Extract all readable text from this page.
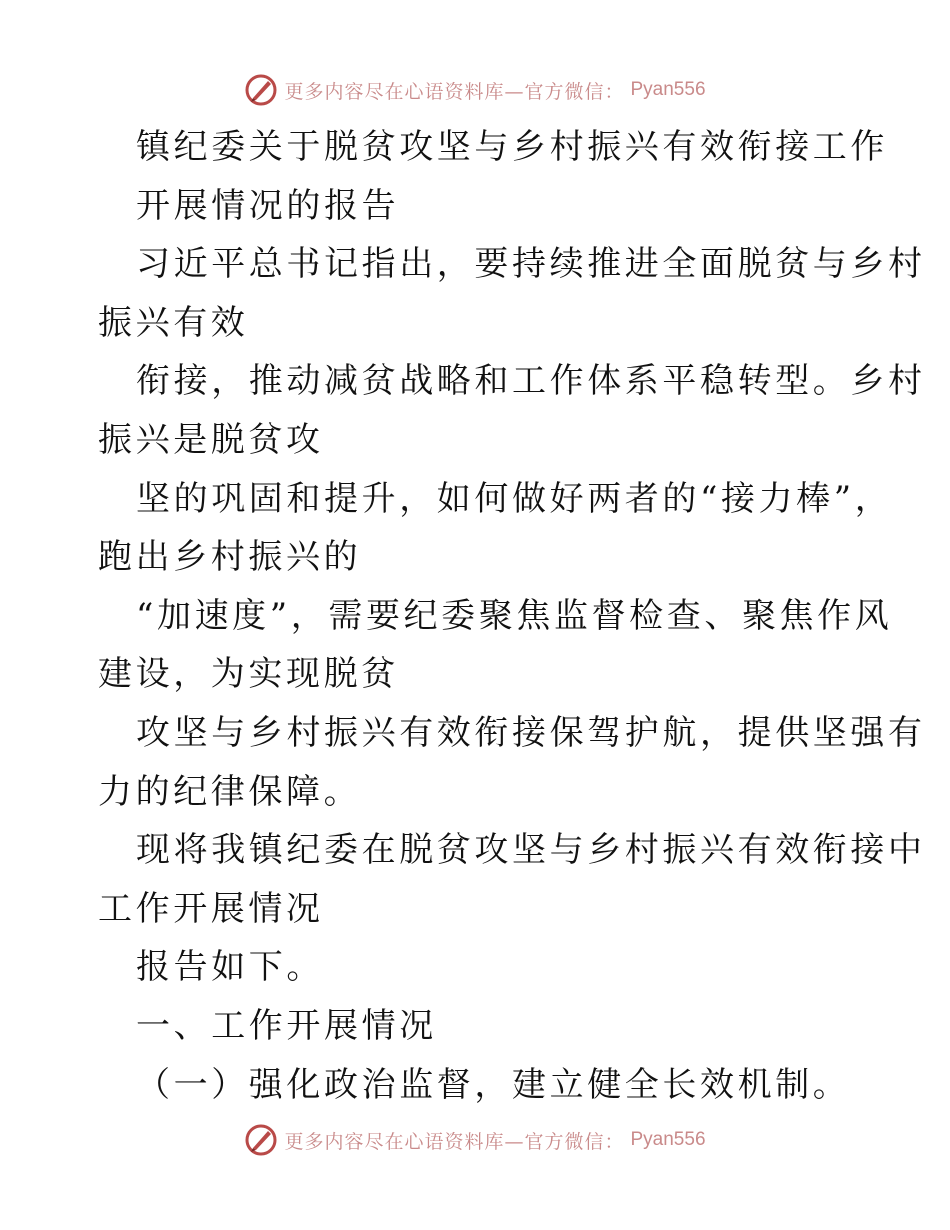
更多内容尽在心语资料库—官方微信： Pyan556
镇纪委关于脱贫攻坚与乡村振兴有效衔接工作
开展情况的报告
习近平总书记指出，要持续推进全面脱贫与乡村
振兴有效
衔接，推动减贫战略和工作体系平稳转型。乡村
振兴是脱贫攻
坚的巩固和提升，如何做好两者的“接力棒”，
跑出乡村振兴的
“加速度”，需要纪委聚焦监督检查、聚焦作风
建设，为实现脱贫
攻坚与乡村振兴有效衔接保驾护航，提供坚强有
力的纪律保障。
现将我镇纪委在脱贫攻坚与乡村振兴有效衔接中
工作开展情况
报告如下。
一、工作开展情况
（一）强化政治监督，建立健全长效机制。
更多内容尽在心语资料库—官方微信： Pyan556
